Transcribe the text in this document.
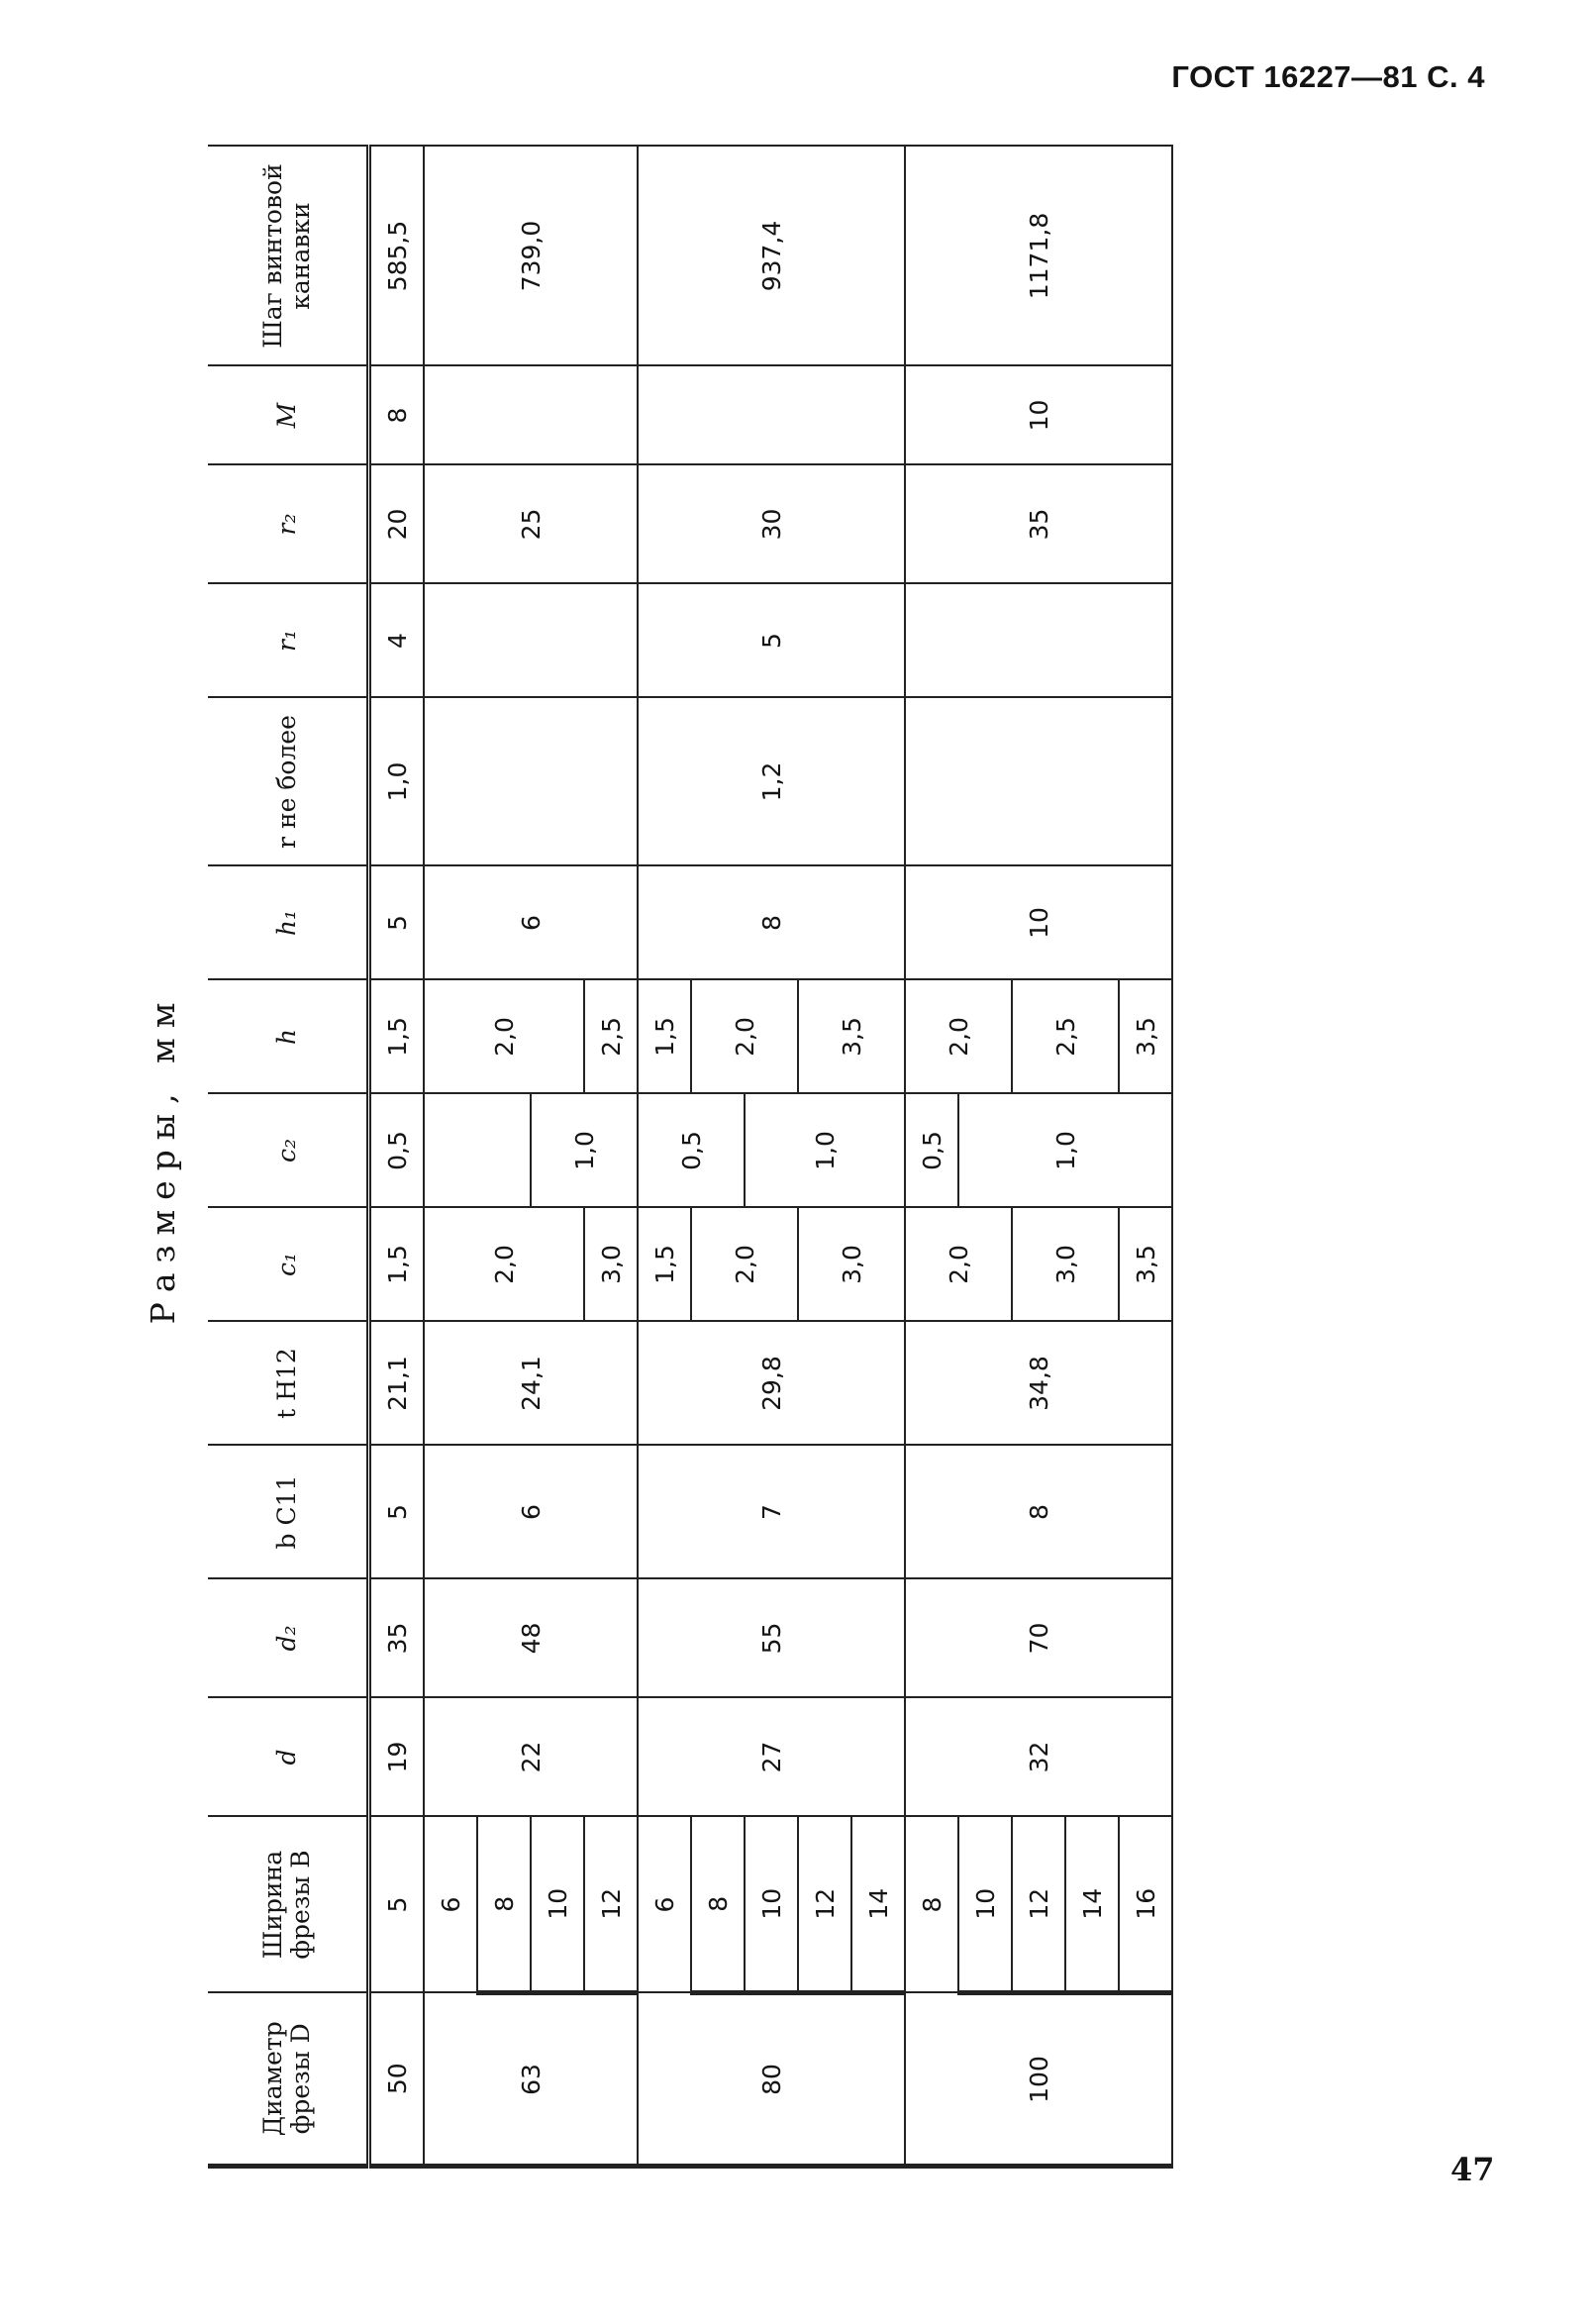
ГОСТ 16227—81 С. 4
Размеры, мм
Диаметр фрезы D	Ширина фрезы B	d	d₂	b C11	t H12	c₁	c₂	h	h₁	r не более	r₁	r₂	M	Шаг винтовой канавки
50	5	19	35	5	21,1	1,5	0,5	1,5	5	1,0	4	20	8	585,5
63	6	22	48	6	24,1	2,0		2,0	6			25		739,0
	8													
	10						1,0							
	12					3,0		2,5						
80	6	27	55	7	29,8	1,5	0,5	1,5	8	1,2	5	30		937,4
	8					2,0		2,0						
	10						1,0							
	12					3,0		3,5						
	14													
100	8	32	70	8	34,8	2,0	0,5	2,0	10			35	10	1171,8
	10						1,0							
	12					3,0		2,5						
	14													
	16					3,5		3,5						
47
